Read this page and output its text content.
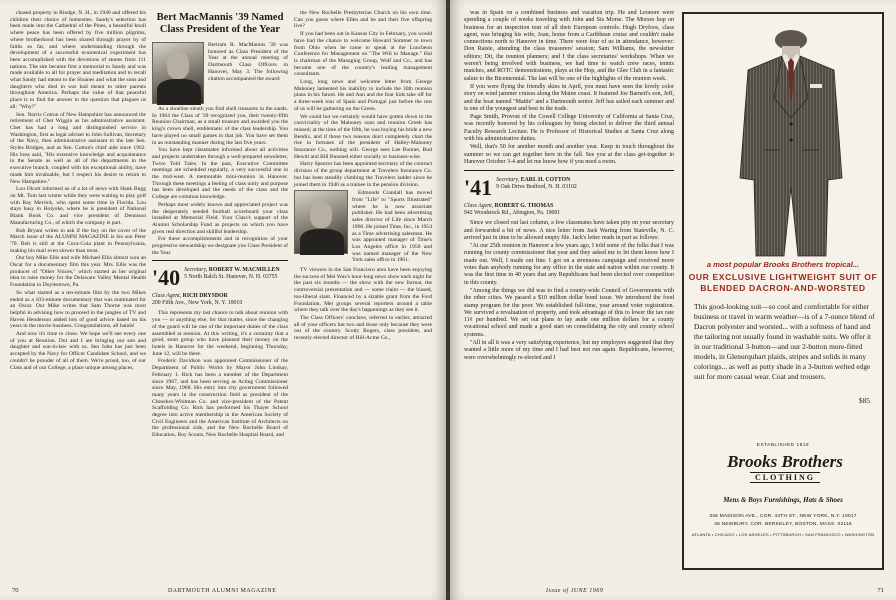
chased property in Rindge, N. H., in 1940 and offered his children their choice of homesites. Sandy's selection has been made into the Cathedral of the Pines, a beautiful knoll where peace has been offered by five million pilgrims, where brotherhood has been shared through prayer by of faiths so far, and where understanding through the development of a successful ecumenical experiment has been accomplished with the devotions of stones from 111 nations. The site became first a memorial to Sandy and was made available to all for prayer and meditation and to recall what Sandy had meant to the Sloanes and what the sons and daughters who died in war had meant to other parents throughout America. Perhaps the value of that peaceful place is to find the answer to the question that plagues us all: "Why?"

Sen. Norris Cotton of New Hampshire has announced the retirement of Chet Wiggin as his administrative assistant. Chet has had a long and distinguished service in Washington, first as legal adviser to John Sullivan, Secretary of the Navy, then administrative assistant to the late Sen. Styles Bridges, and as Sen. Cotton's chief aide since 1962. His boss said, "His extensive knowledge and acquaintance in the Senate as well as all of the departments in the executive branch, coupled with his exceptional ability, have made him invaluable, but I respect his desire to return to New Hampshire."

Lou Olcott informed us of a lot of news with Hank Bugg on Mt. Tom last winter while they were waiting to play golf with Ray Merrick, who spent some time in Florida. Lou stays busy in Holyoke, where he is president of National Blank Book Co. and vice president of Dennison Manufacturing Co., of which the company is part.

Bob Bryant writes to ask if the boy on the cover of the March issue of the ALUMNI MAGAZINE is his son Peter '70. Bob is still at the Coca-Cola plant in Pennsylvania, making his mail even slower than most.

Our boy Mike Ellis and wife Michael Ellis almost won an Oscar for a documentary film this year. Mrs. Ellis was the producer of "Other Voices," which started as her original idea to raise money for the Delaware Valley Mental Health Foundation in Doylestown, Pa.

So what started as a ten-minute film by the two Mikes ended as a 103-minute documentary that was nominated for an Oscar. Our Mike writes that Sam Thorne was most helpful in advising how to proceed in the jungles of TV and Haven Henderson added lots of good advice based on his years in the movie business. Congratulations, all hands!

And now it's time to close. We hope we'll see every one of you at Reunion. Dot and I are bringing our son and daughter and son-in-law with us. Sen John has just been accepted by the Navy for Officer Candidate School, and we couldn't be prouder of all of them. We're proud, too, of our Class and of our College, a place unique among places.

Bert MacMannis '39 Named Class President of the Year
Bertram R. MacMannis '39 was honored as Class President of the Year at the annual meeting of Dartmouth Class Officers in Hanover, May 3. The following citation accompanied the award:

As a shoeline sleuth you find shell treasures in the sands. In 1964 the Class of '39 recognized you, their twenty-fifth Reunion Chairman, as a small treasure and awarded you the king's crown shell, emblematic of the class leadership. You have played no small games in that job. You have set them in an outstanding manner during the last five years.

You have kept classmates informed about all activities and projects undertaken through a well-prepared newsletter, Twice Told Tales. In the past, Executive Committee meetings are scheduled regularly, a very successful one in the mid-west. A memorable mini-reunion in Hanover. Through these meetings a feeling of class unity and purpose has been developed and the needs of the class and the College are common knowledge.

Perhaps most widely known and appreciated project was the desperately needed football scoreboard your class installed at Memorial Field. Your Class's support of the Alumni Scholarship Fund as projects on which you have given real direction and skillful leadership.

For these accomplishments and in recognition of your progressive stewardship we designate you Class President of the Year.

'40 Secretary, ROBERT W. MACMILLEN
5 North Balch St. Hanover, N. H. 03755
Class Agent, RICH DRYSDOR
200 Fifth Ave., New York, N. Y. 10010

This represents my last chance to talk about reunion with you — or anything else, for that matter, since the changing of the guard will be one of the important duties of the class assembled at reunion. At this writing, it's a certainty that a good, stout group who have planned their money on the hotels in Hanover for the weekend, beginning Thursday, June 12, will be there.

Frederic Davidson was appointed Commissioner of the Department of Public Works by Mayor John Lindsay, February 1. Rick has been a member of the Department since 1967, and has been serving as Acting Commissioner since May, 1968. His entry into city government followed many years in the construction field as president of the Chesebro-Whitman Co. and vice-president of the Patent Scaffolding Co. Rick has performed his Thayer School degree into active membership in the American Society of Civil Engineers and the American Institute of Architects on the professional side, and the New Rochelle Board of Education, Boy Scouts, New Rochelle Hospital Board, and

the New Rochelle Presbyterian Church on his own time. Can you guess where Ellen and he and their five offspring live?

If you had been out in Kansas City in February, you would have had the chance to welcome Howard Sommer to town from Ohio when he came to speak at the Luncheon Conference for Management on "The Will to Manage." Hal is chairman of the Managing Group, Wolf and Co., and has become one of the country's leading management consultants.

Long, long news and welcome letter from George Mahoney lamented his inability to include the 30th reunion plans in his future. He and Ann and the four kids take off for a three-week tour of Spain and Portugal just before the rest of us will be gathering on the Green.

We could but we certainly would have gotten down to the conviviality of the Mahoney sons and reunion Greek has missed; at the time of the fifth, he was buying his bride a new Bendix, and if those two reasons don't completely chart the rise in fortunes of the president of Halley-Mahoney Insurance Co., nothing will. George sees Lee Bonnet, Bud Hewitt and Bill Bunsted either socially or business-wise.

Harry Spencer has been appointed secretary of the contract division of the group department at Travelers Insurance Co. but has been steadily climbing the Travelers ladder since he joined them in 1946 as a trainee in the pension division.

Edmonds Crandall has moved from "Life" to "Sports Illustrated" where he is now associate publisher. He had been advertising sales director of Life since March 1966. He joined Time, Inc., in 1954 as a Time advertising salesman. He was appointed manager of Time's Los Angeles office in 1958 and was named manager of the New York sales office in 1961.

TV viewers in the San Francisco area have been enjoying the success of Mel Wax's hour-long news show each night for the past six months — the show with the new format, the controversial presentation and — some claim — the biased, too-liberal slant. Financed by a sizable grant from the Ford Foundation, Mel groups several reporters around a table where they talk over the day's happenings as they see it.

The Class Officers' conclave, referred to earlier, attracted all of your officers but two and those only because they were out of the country. Scotty Rogers, class president, and recently elected director of Hill-Acme Co.,

70	DARTMOUTH ALUMNI MAGAZINE

was in Spain on a combined business and vacation trip. He and Leonore were spending a couple of weeks traveling with John and Sis Morse. The Morses hop on business for an inspection tour of all their European controls. Hugh Dryfoos, class agent, was bringing his wife, Joan, home from a Caribbean cruise and couldn't make connections north to Hanover in time. There were four of us in attendance, however: Don Raisie, attending the class treasurers' session; Sam Williams, the newsletter editors; Dit, the reunion planners; and I the class secretaries' workshops. When we weren't being involved with business, we had time to watch crew races, tennis matches, and ROTC demonstrations, plays at the Hop, and the Glee Club in a fantastic salute to the Bicentennial. The last will be one of the highlights of the reunion week.

If you were flying the friendly skies in April, you must have seen the lovely color story on wind jammer cruises along the Maine coast. It featured Joe Barnett's son, Jeff, and the boat named "Mattie" and a Dartmouth senior. Jeff has sailed each summer and is one of the youngest and best in the trade.

Page Smith, Provost of the Cowell College University of California at Santa Cruz, was recently honored by his colleagues by being elected to deliver the third annual Faculty Research Lecture. He is Professor of Historical Studies at Santa Cruz along with his administrative duties.

Well, that's 50 for another month and another year. Keep in touch throughout the summer so we can get together here in the fall. See you at the class get-together in Hanover October 3-4 and let me know how if you need a room.

'41 Secretary, EARL H. COTTON
9 Oak Drive Bedford, N. H. 03102
Class Agent, ROBERT G. THOMAS
942 Woodstock Rd., Abington, Pa. 19001

Since we closed out last column, a few classmates have taken pity on your secretary and forwarded a bit of news. A nice letter from Jack Waring from Stateville, N. C. arrived just in time to be allowed empty file. Jack's letter reads in part as follows:

"At our 25th reunion in Hanover a few years ago, I told some of the folks that I was running for county commissioner that year and they asked me to let them know how I made out. Well, I made out fine. I got on a strenuous campaign and received more votes than anybody running for any office in the state and nation within our county. It was the first time in 40 years that any Republicans had been elected over competition in this county.

"Among the things we did was to find a county-wide Council of Governments with the other cities. We passed a $10 million dollar bond issue. We introduced the food stamp program for the poor. We established full-time, year around voter registration. We survived a revaluation of property, and took advantage of this to lower the tax rate 11¢ per hundred. We set out plans to lay aside one million dollars for a county vocational school and made a good start on consolidating the city and county school systems.

"All in all it was a very satisfying experience, but my employers suggested that they wanted a little more of my time and I had best not run again. Republicans, however, were overwhelmingly re-elected and I

a most popular Brooks Brothers tropical...
OUR EXCLUSIVE LIGHTWEIGHT SUIT OF BLENDED DACRON-AND-WORSTED
This good-looking suit—so cool and comfortable for either business or travel in warm weather—is of a 7-ounce blend of Dacron polyester and worsted... with a softness of hand and the tailoring not usually found in washable suits. We offer it in our traditional 3-button—and our 2-button more-fitted models, in Glenurquhart plaids, stripes and solids in many colorings... as well as putty shade in a 3-button welted edge suit for more casual wear. Coat and trousers.
$85
ESTABLISHED 1818
Brooks Brothers
CLOTHING
Mens & Boys Furnishings, Hats & Shoes
346 MADISON AVE., COR. 44TH ST., NEW YORK, N.Y. 10017
46 NEWBURY, COR. BERKELEY, BOSTON, MASS. 02116
ATLANTA • CHICAGO • LOS ANGELES • PITTSBURGH • SAN FRANCISCO • WASHINGTON
Issue of JUNE 1969	71
